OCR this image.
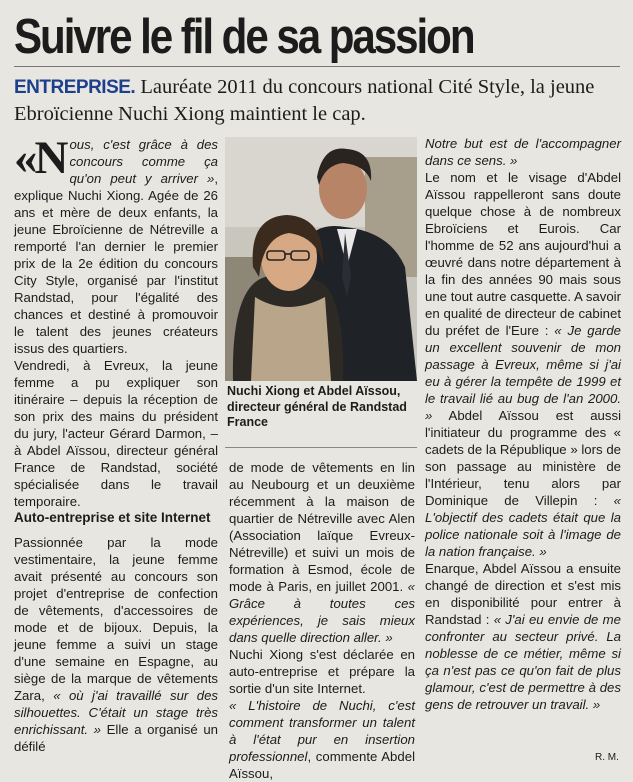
Suivre le fil de sa passion
ENTREPRISE. Lauréate 2011 du concours national Cité Style, la jeune Ebroïcienne Nuchi Xiong maintient le cap.

«Nous, c'est grâce à des concours comme ça qu'on peut y arriver », explique Nuchi Xiong. Agée de 26 ans et mère de deux enfants, la jeune Ebroïcienne de Nétreville a remporté l'an dernier le premier prix de la 2e édition du concours City Style, organisé par l'institut Randstad, pour l'égalité des chances et destiné à promouvoir le talent des jeunes créateurs issus des quartiers.

Vendredi, à Evreux, la jeune femme a pu expliquer son itinéraire – depuis la réception de son prix des mains du président du jury, l'acteur Gérard Darmon, – à Abdel Aïssou, directeur général France de Randstad, société spécialisée dans le travail temporaire.

Auto-entreprise et site Internet

Passionnée par la mode vestimentaire, la jeune femme avait présenté au concours son projet d'entreprise de confection de vêtements, d'accessoires de mode et de bijoux. Depuis, la jeune femme a suivi un stage d'une semaine en Espagne, au siège de la marque de vêtements Zara, « où j'ai travaillé sur des silhouettes. C'était un stage très enrichissant. » Elle a organisé un défilé

Nuchi Xiong et Abdel Aïssou, directeur général de Randstad France

de mode de vêtements en lin au Neubourg et un deuxième récemment à la maison de quartier de Nétreville avec Alen (Association laïque Evreux-Nétreville) et suivi un mois de formation à Esmod, école de mode à Paris, en juillet 2001. « Grâce à toutes ces expériences, je sais mieux dans quelle direction aller. »

Nuchi Xiong s'est déclarée en auto-entreprise et prépare la sortie d'un site Internet.

« L'histoire de Nuchi, c'est comment transformer un talent à l'état pur en insertion professionnel, commente Abdel Aïssou,

Notre but est de l'accompagner dans ce sens. »

Le nom et le visage d'Abdel Aïssou rappelleront sans doute quelque chose à de nombreux Ebroïciens et Eurois. Car l'homme de 52 ans aujourd'hui a œuvré dans notre département à la fin des années 90 mais sous une tout autre casquette. A savoir en qualité de directeur de cabinet du préfet de l'Eure : « Je garde un excellent souvenir de mon passage à Evreux, même si j'ai eu à gérer la tempête de 1999 et le travail lié au bug de l'an 2000. » Abdel Aïssou est aussi l'initiateur du programme des « cadets de la République » lors de son passage au ministère de l'Intérieur, tenu alors par Dominique de Villepin : « L'objectif des cadets était que la police nationale soit à l'image de la nation française. »

Enarque, Abdel Aïssou a ensuite changé de direction et s'est mis en disponibilité pour entrer à Randstad : « J'ai eu envie de me confronter au secteur privé. La noblesse de ce métier, même si ça n'est pas ce qu'on fait de plus glamour, c'est de permettre à des gens de retrouver un travail. »

R. M.
